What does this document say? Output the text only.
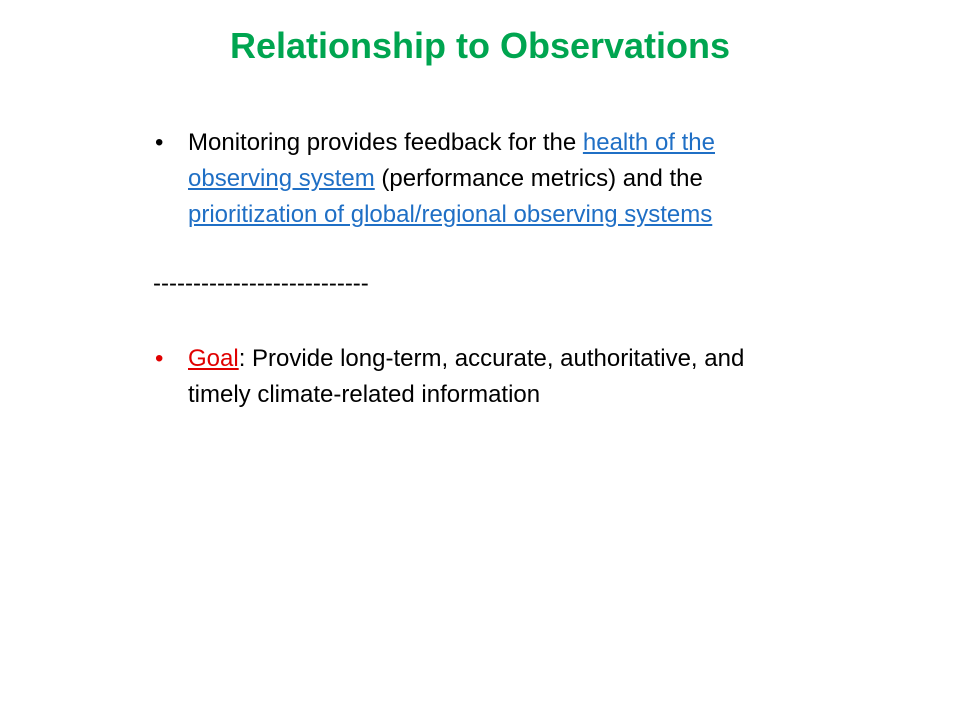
Relationship to Observations
• Monitoring provides feedback for the health of the observing system (performance metrics) and the prioritization of global/regional observing systems
---------------------------
• Goal: Provide long-term, accurate, authoritative, and timely climate-related information
